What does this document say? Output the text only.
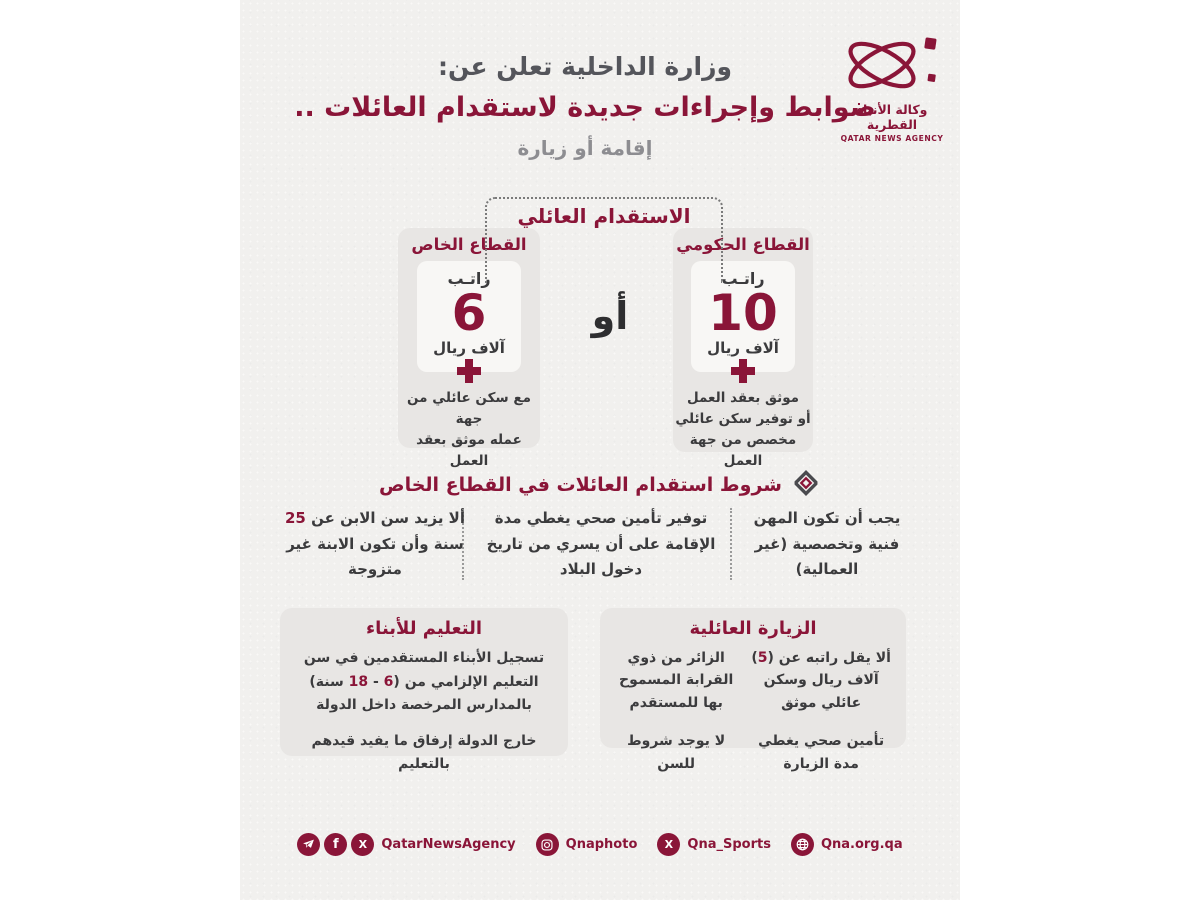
وزارة الداخلية تعلن عن:
ضوابط وإجراءات جديدة لاستقدام العائلات ..
إقامة أو زيارة
وكالة الأنباء القطرية
QATAR NEWS AGENCY
الاستقدام العائلي
القطاع الحكومي
راتـب
10
آلاف ريال
موثق بعقد العمل
أو توفير سكن عائلي
مخصص من جهة العمل
أو
القطاع الخاص
راتـب
6
آلاف ريال
مع سكن عائلي من جهة
عمله موثق بعقد العمل
شروط استقدام العائلات في القطاع الخاص
يجب أن تكون المهن فنية وتخصصية (غير العمالية)
توفير تأمين صحي يغطي مدة الإقامة على أن يسري من تاريخ دخول البلاد
ألا يزيد سن الابن عن 25 سنة وأن تكون الابنة غير متزوجة
التعليم للأبناء
تسجيل الأبناء المستقدمين في سن التعليم الإلزامي من (6 - 18 سنة) بالمدارس المرخصة داخل الدولة
خارج الدولة إرفاق ما يفيد قيدهم بالتعليم
الزيارة العائلية
ألا يقل راتبه عن (5) آلاف ريال وسكن عائلي موثق
الزائر من ذوي القرابة المسموح بها للمستقدم
تأمين صحي يغطي مدة الزيارة
لا يوجد شروط للسن
f X QatarNewsAgency	Qnaphoto X Qna_Sports	Qna.org.qa
